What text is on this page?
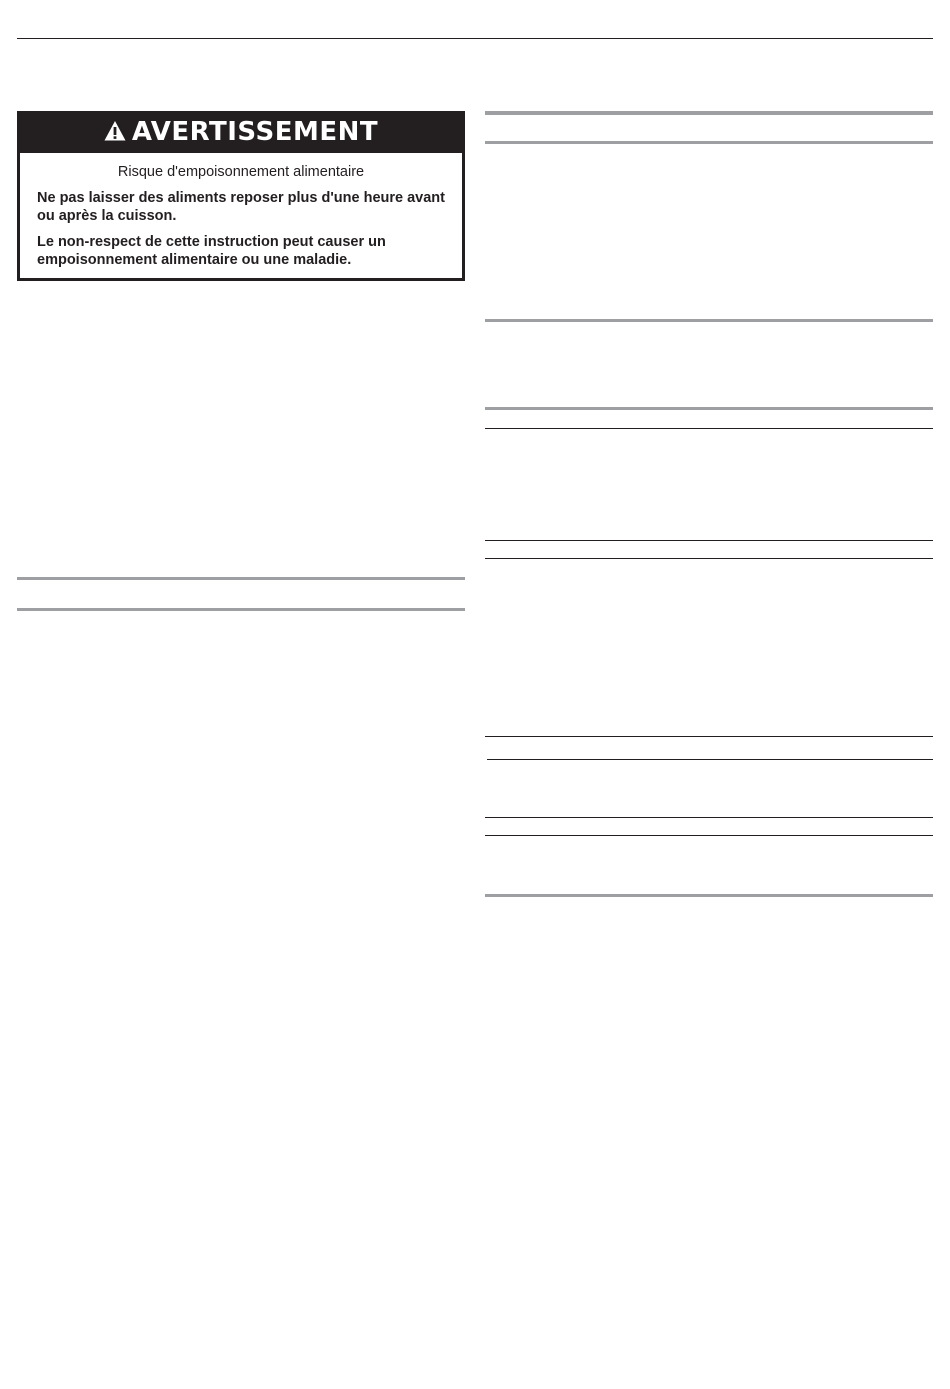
AVERTISSEMENT
Risque d'empoisonnement alimentaire
Ne pas laisser des aliments reposer plus d'une heure avant ou après la cuisson.
Le non-respect de cette instruction peut causer un empoisonnement alimentaire ou une maladie.
